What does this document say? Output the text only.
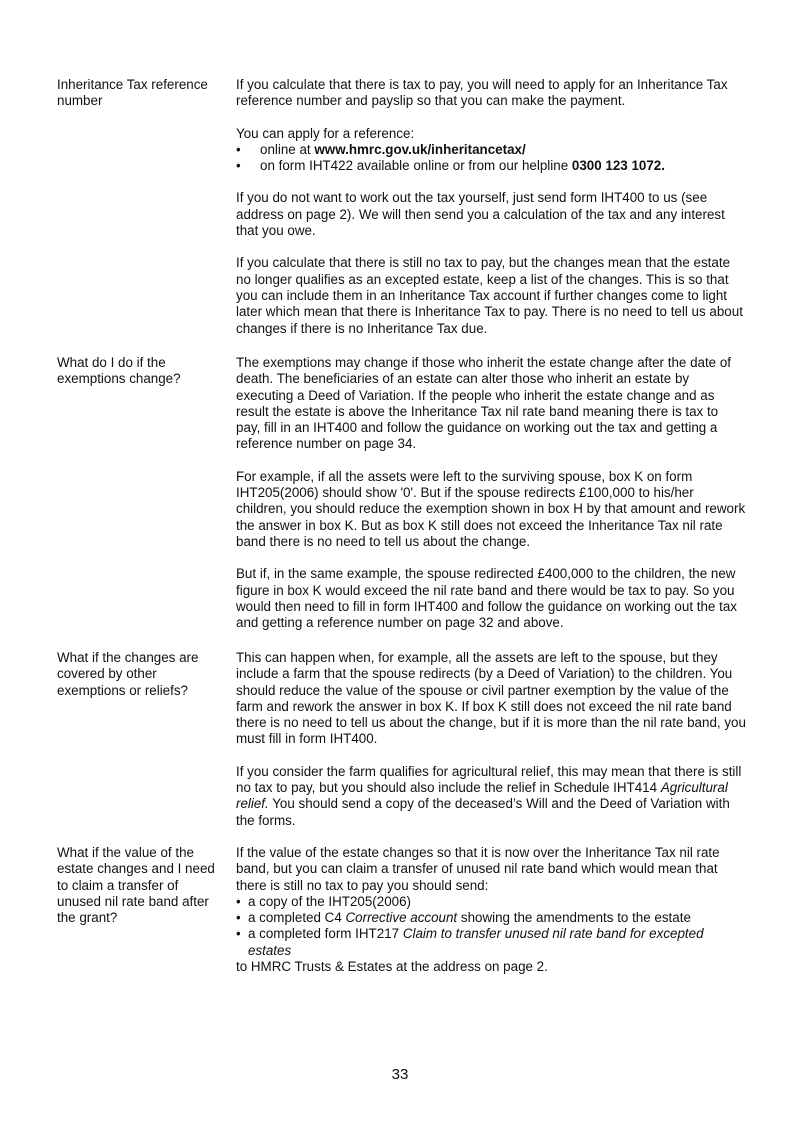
Inheritance Tax reference number

If you calculate that there is tax to pay, you will need to apply for an Inheritance Tax reference number and payslip so that you can make the payment.

You can apply for a reference:
• online at www.hmrc.gov.uk/inheritancetax/
• on form IHT422 available online or from our helpline 0300 123 1072.

If you do not want to work out the tax yourself, just send form IHT400 to us (see address on page 2). We will then send you a calculation of the tax and any interest that you owe.

If you calculate that there is still no tax to pay, but the changes mean that the estate no longer qualifies as an excepted estate, keep a list of the changes. This is so that you can include them in an Inheritance Tax account if further changes come to light later which mean that there is Inheritance Tax to pay. There is no need to tell us about changes if there is no Inheritance Tax due.

What do I do if the exemptions change?

The exemptions may change if those who inherit the estate change after the date of death. The beneficiaries of an estate can alter those who inherit an estate by executing a Deed of Variation. If the people who inherit the estate change and as result the estate is above the Inheritance Tax nil rate band meaning there is tax to pay, fill in an IHT400 and follow the guidance on working out the tax and getting a reference number on page 34.

For example, if all the assets were left to the surviving spouse, box K on form IHT205(2006) should show '0'. But if the spouse redirects £100,000 to his/her children, you should reduce the exemption shown in box H by that amount and rework the answer in box K. But as box K still does not exceed the Inheritance Tax nil rate band there is no need to tell us about the change.

But if, in the same example, the spouse redirected £400,000 to the children, the new figure in box K would exceed the nil rate band and there would be tax to pay. So you would then need to fill in form IHT400 and follow the guidance on working out the tax and getting a reference number on page 32 and above.

What if the changes are covered by other exemptions or reliefs?

This can happen when, for example, all the assets are left to the spouse, but they include a farm that the spouse redirects (by a Deed of Variation) to the children. You should reduce the value of the spouse or civil partner exemption by the value of the farm and rework the answer in box K. If box K still does not exceed the nil rate band there is no need to tell us about the change, but if it is more than the nil rate band, you must fill in form IHT400.

If you consider the farm qualifies for agricultural relief, this may mean that there is still no tax to pay, but you should also include the relief in Schedule IHT414 Agricultural relief. You should send a copy of the deceased’s Will and the Deed of Variation with the forms.

What if the value of the estate changes and I need to claim a transfer of unused nil rate band after the grant?
If the value of the estate changes so that it is now over the Inheritance Tax nil rate band, but you can claim a transfer of unused nil rate band which would mean that there is still no tax to pay you should send:
• a copy of the IHT205(2006)
• a completed C4 Corrective account showing the amendments to the estate
• a completed form IHT217 Claim to transfer unused nil rate band for excepted estates
to HMRC Trusts & Estates at the address on page 2.
33
